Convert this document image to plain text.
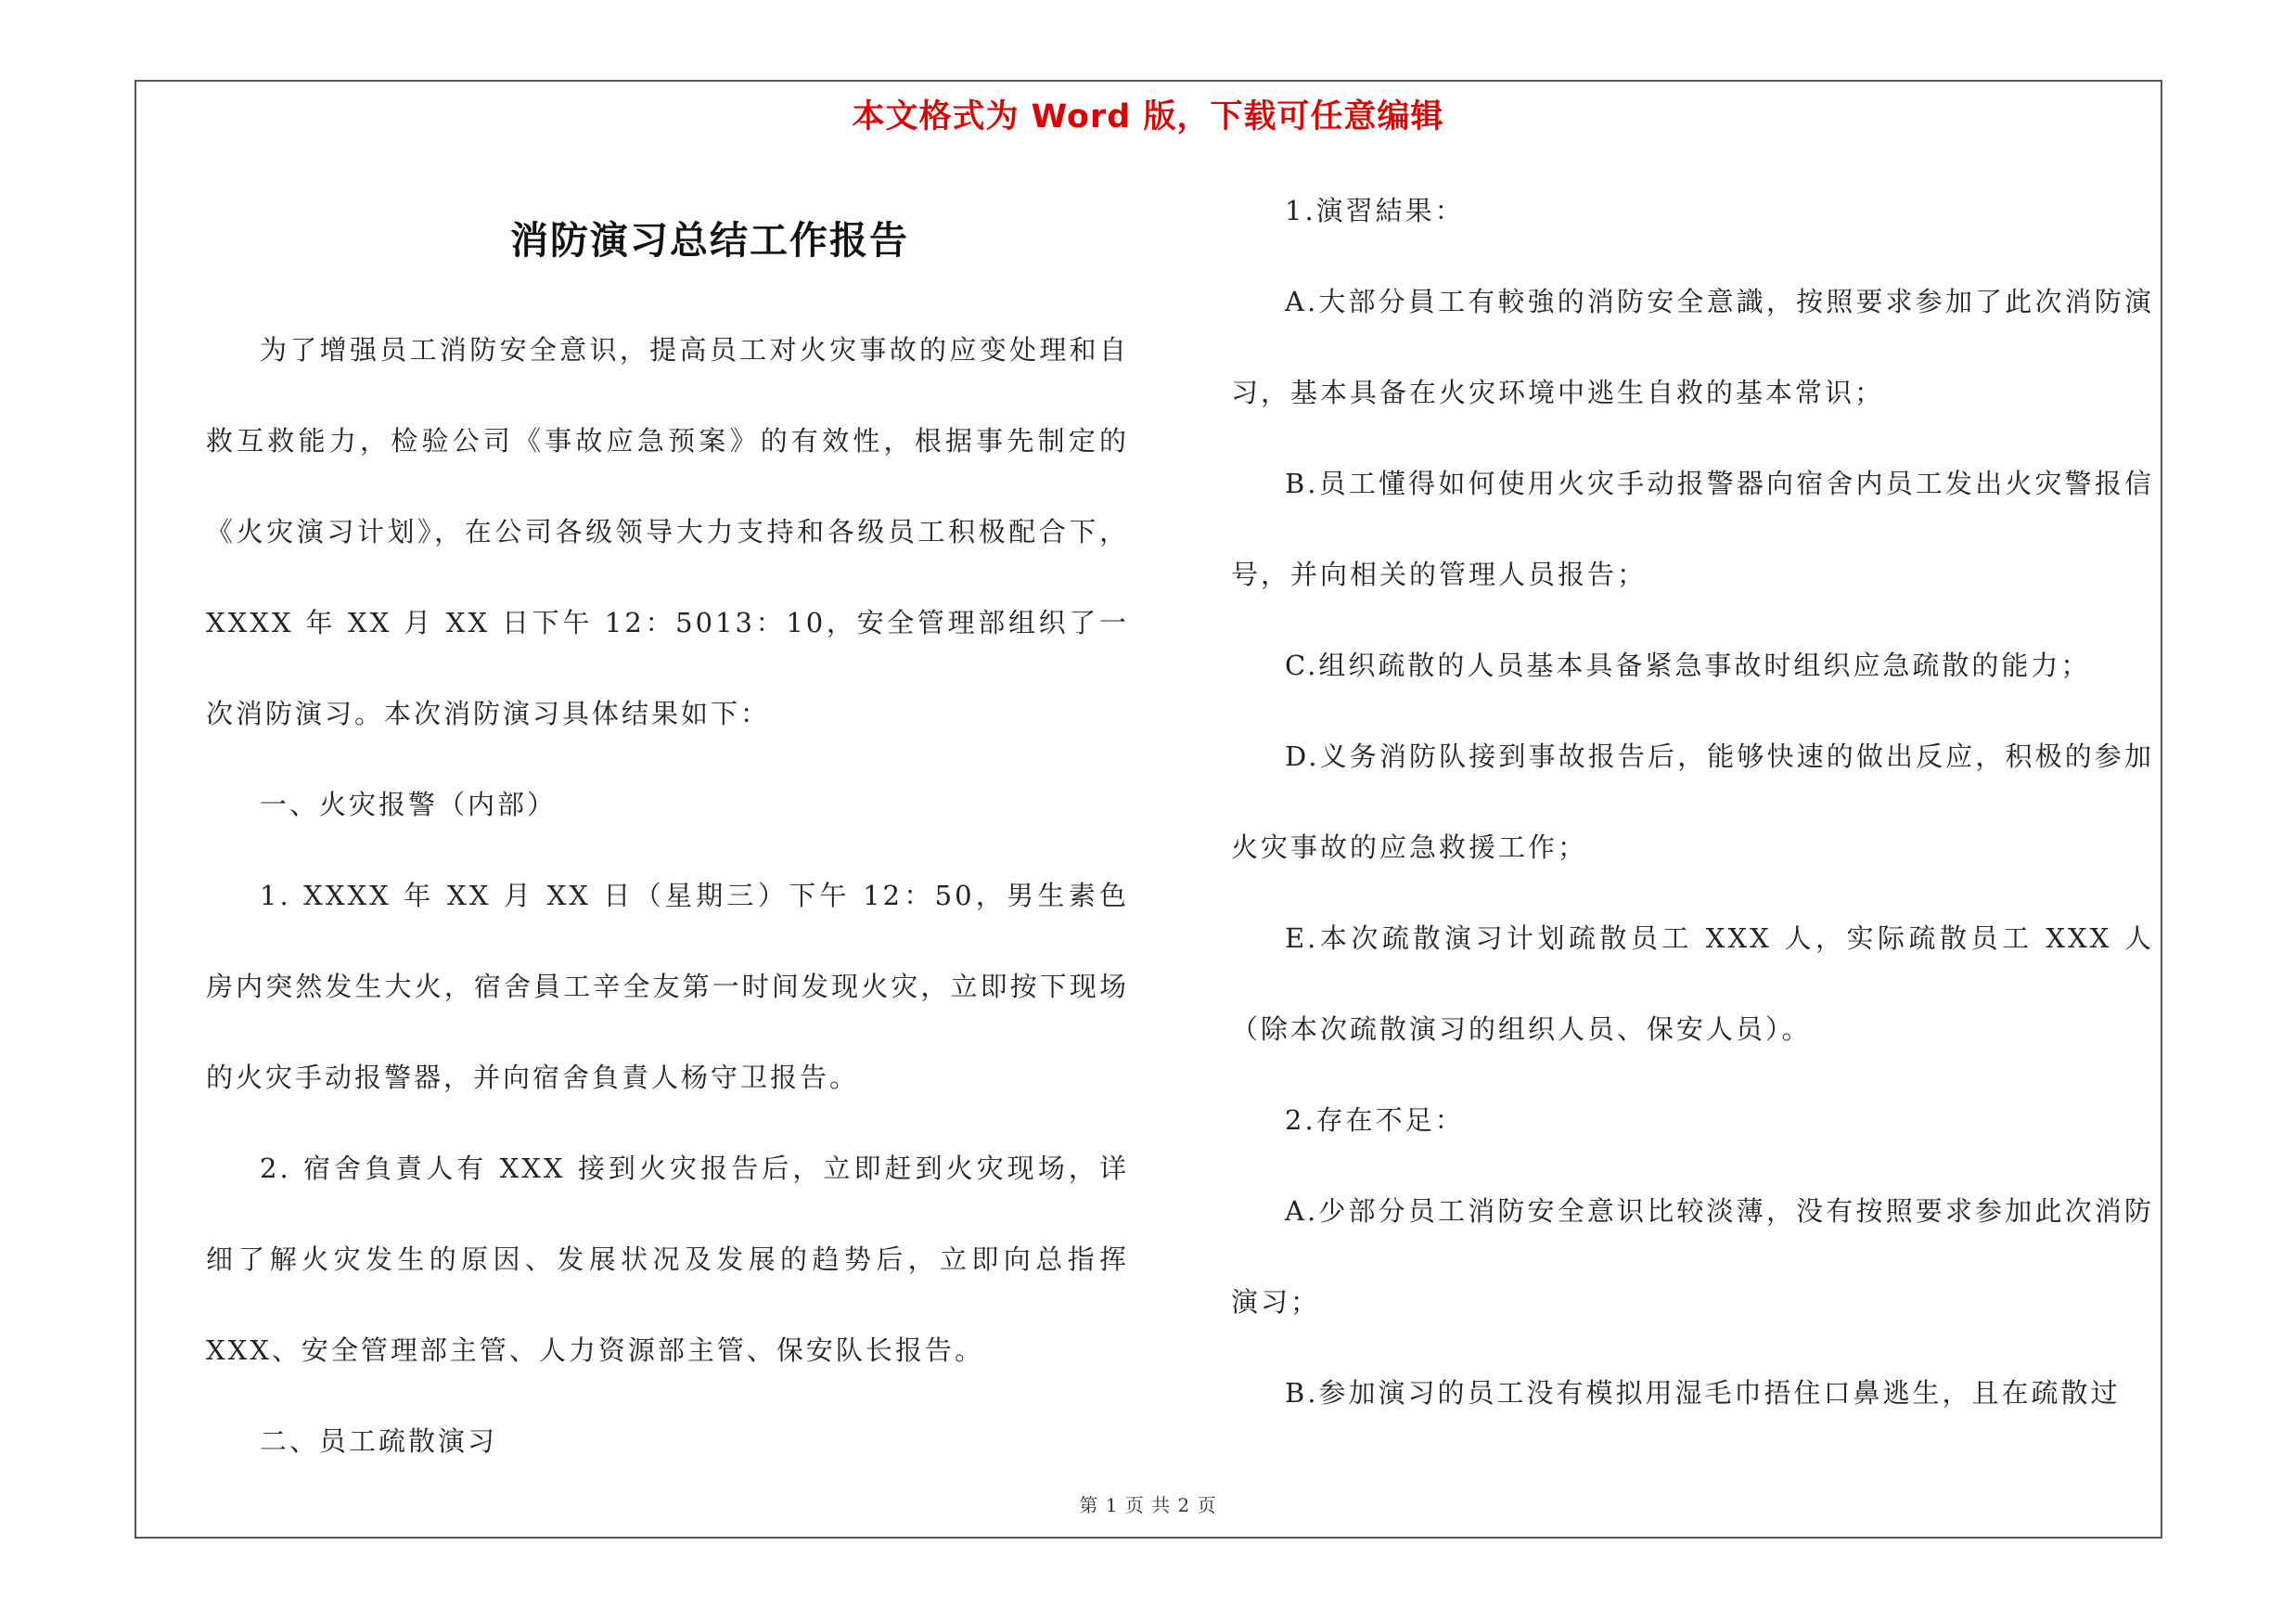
本文格式为 Word 版，下载可任意编辑
消防演习总结工作报告

为了增强员工消防安全意识，提高员工对火灾事故的应变处理和自救互救能力，检验公司《事故应急预案》的有效性，根据事先制定的《火灾演习计划》，在公司各级领导大力支持和各级员工积极配合下，XXXX 年 XX 月 XX 日下午 12：5013：10，安全管理部组织了一次消防演习。本次消防演习具体结果如下：

一、火灾报警（内部）

1. XXXX 年 XX 月 XX 日（星期三）下午 12：50，男生素色房内突然发生大火，宿舍員工辛全友第一时间发现火灾，立即按下现场的火灾手动报警器，并向宿舍負責人杨守卫报告。

2. 宿舍負責人有 XXX 接到火灾报告后，立即赶到火灾现场，详细了解火灾发生的原因、发展状况及发展的趋势后，立即向总指挥 XXX、安全管理部主管、人力资源部主管、保安队长报告。

二、员工疏散演习

1.演習結果：

A.大部分員工有較強的消防安全意識，按照要求参加了此次消防演习，基本具备在火灾环境中逃生自救的基本常识；

B.员工懂得如何使用火灾手动报警器向宿舍内员工发出火灾警报信号，并向相关的管理人员报告；

C.组织疏散的人员基本具备紧急事故时组织应急疏散的能力；

D.义务消防队接到事故报告后，能够快速的做出反应，积极的参加火灾事故的应急救援工作；

E.本次疏散演习计划疏散员工 XXX 人，实际疏散员工 XXX 人（除本次疏散演习的组织人员、保安人员）。

2.存在不足：

A.少部分员工消防安全意识比较淡薄，没有按照要求参加此次消防演习；

B.参加演习的员工没有模拟用湿毛巾捂住口鼻逃生，且在疏散过

第 1 页 共 2 页
